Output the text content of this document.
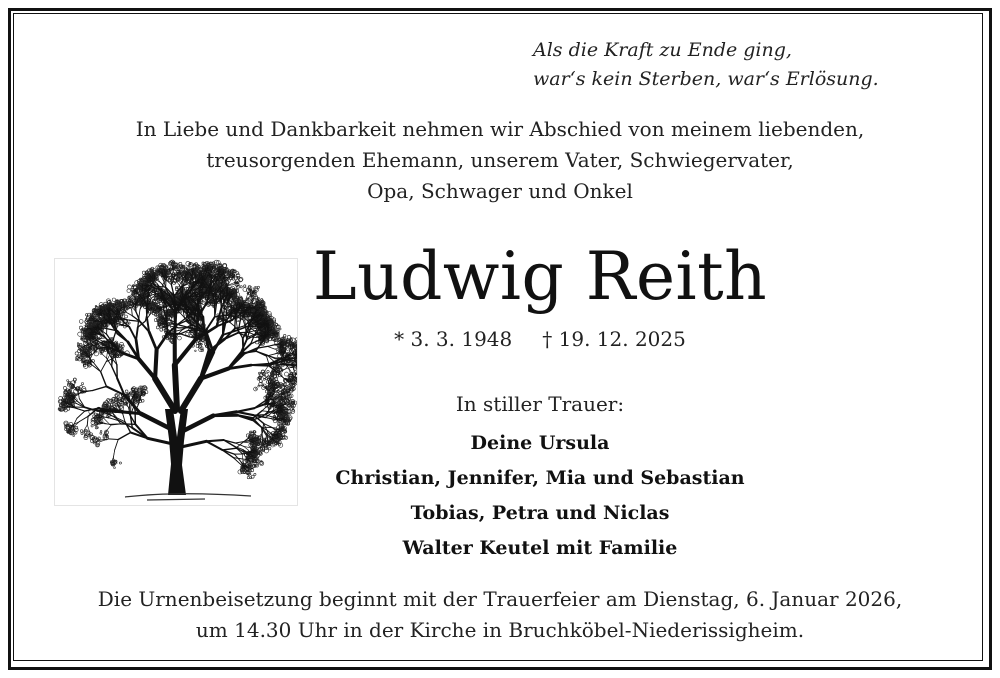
Als die Kraft zu Ende ging,
war‘s kein Sterben, war‘s Erlösung.
In Liebe und Dankbarkeit nehmen wir Abschied von meinem liebenden,
treusorgenden Ehemann, unserem Vater, Schwiegervater,
Opa, Schwager und Onkel
Ludwig Reith
* 3. 3. 1948 † 19. 12. 2025
In stiller Trauer:
Deine Ursula
Christian, Jennifer, Mia und Sebastian
Tobias, Petra und Niclas
Walter Keutel mit Familie
Die Urnenbeisetzung beginnt mit der Trauerfeier am Dienstag, 6. Januar 2026,
um 14.30 Uhr in der Kirche in Bruchköbel-Niederissigheim.
